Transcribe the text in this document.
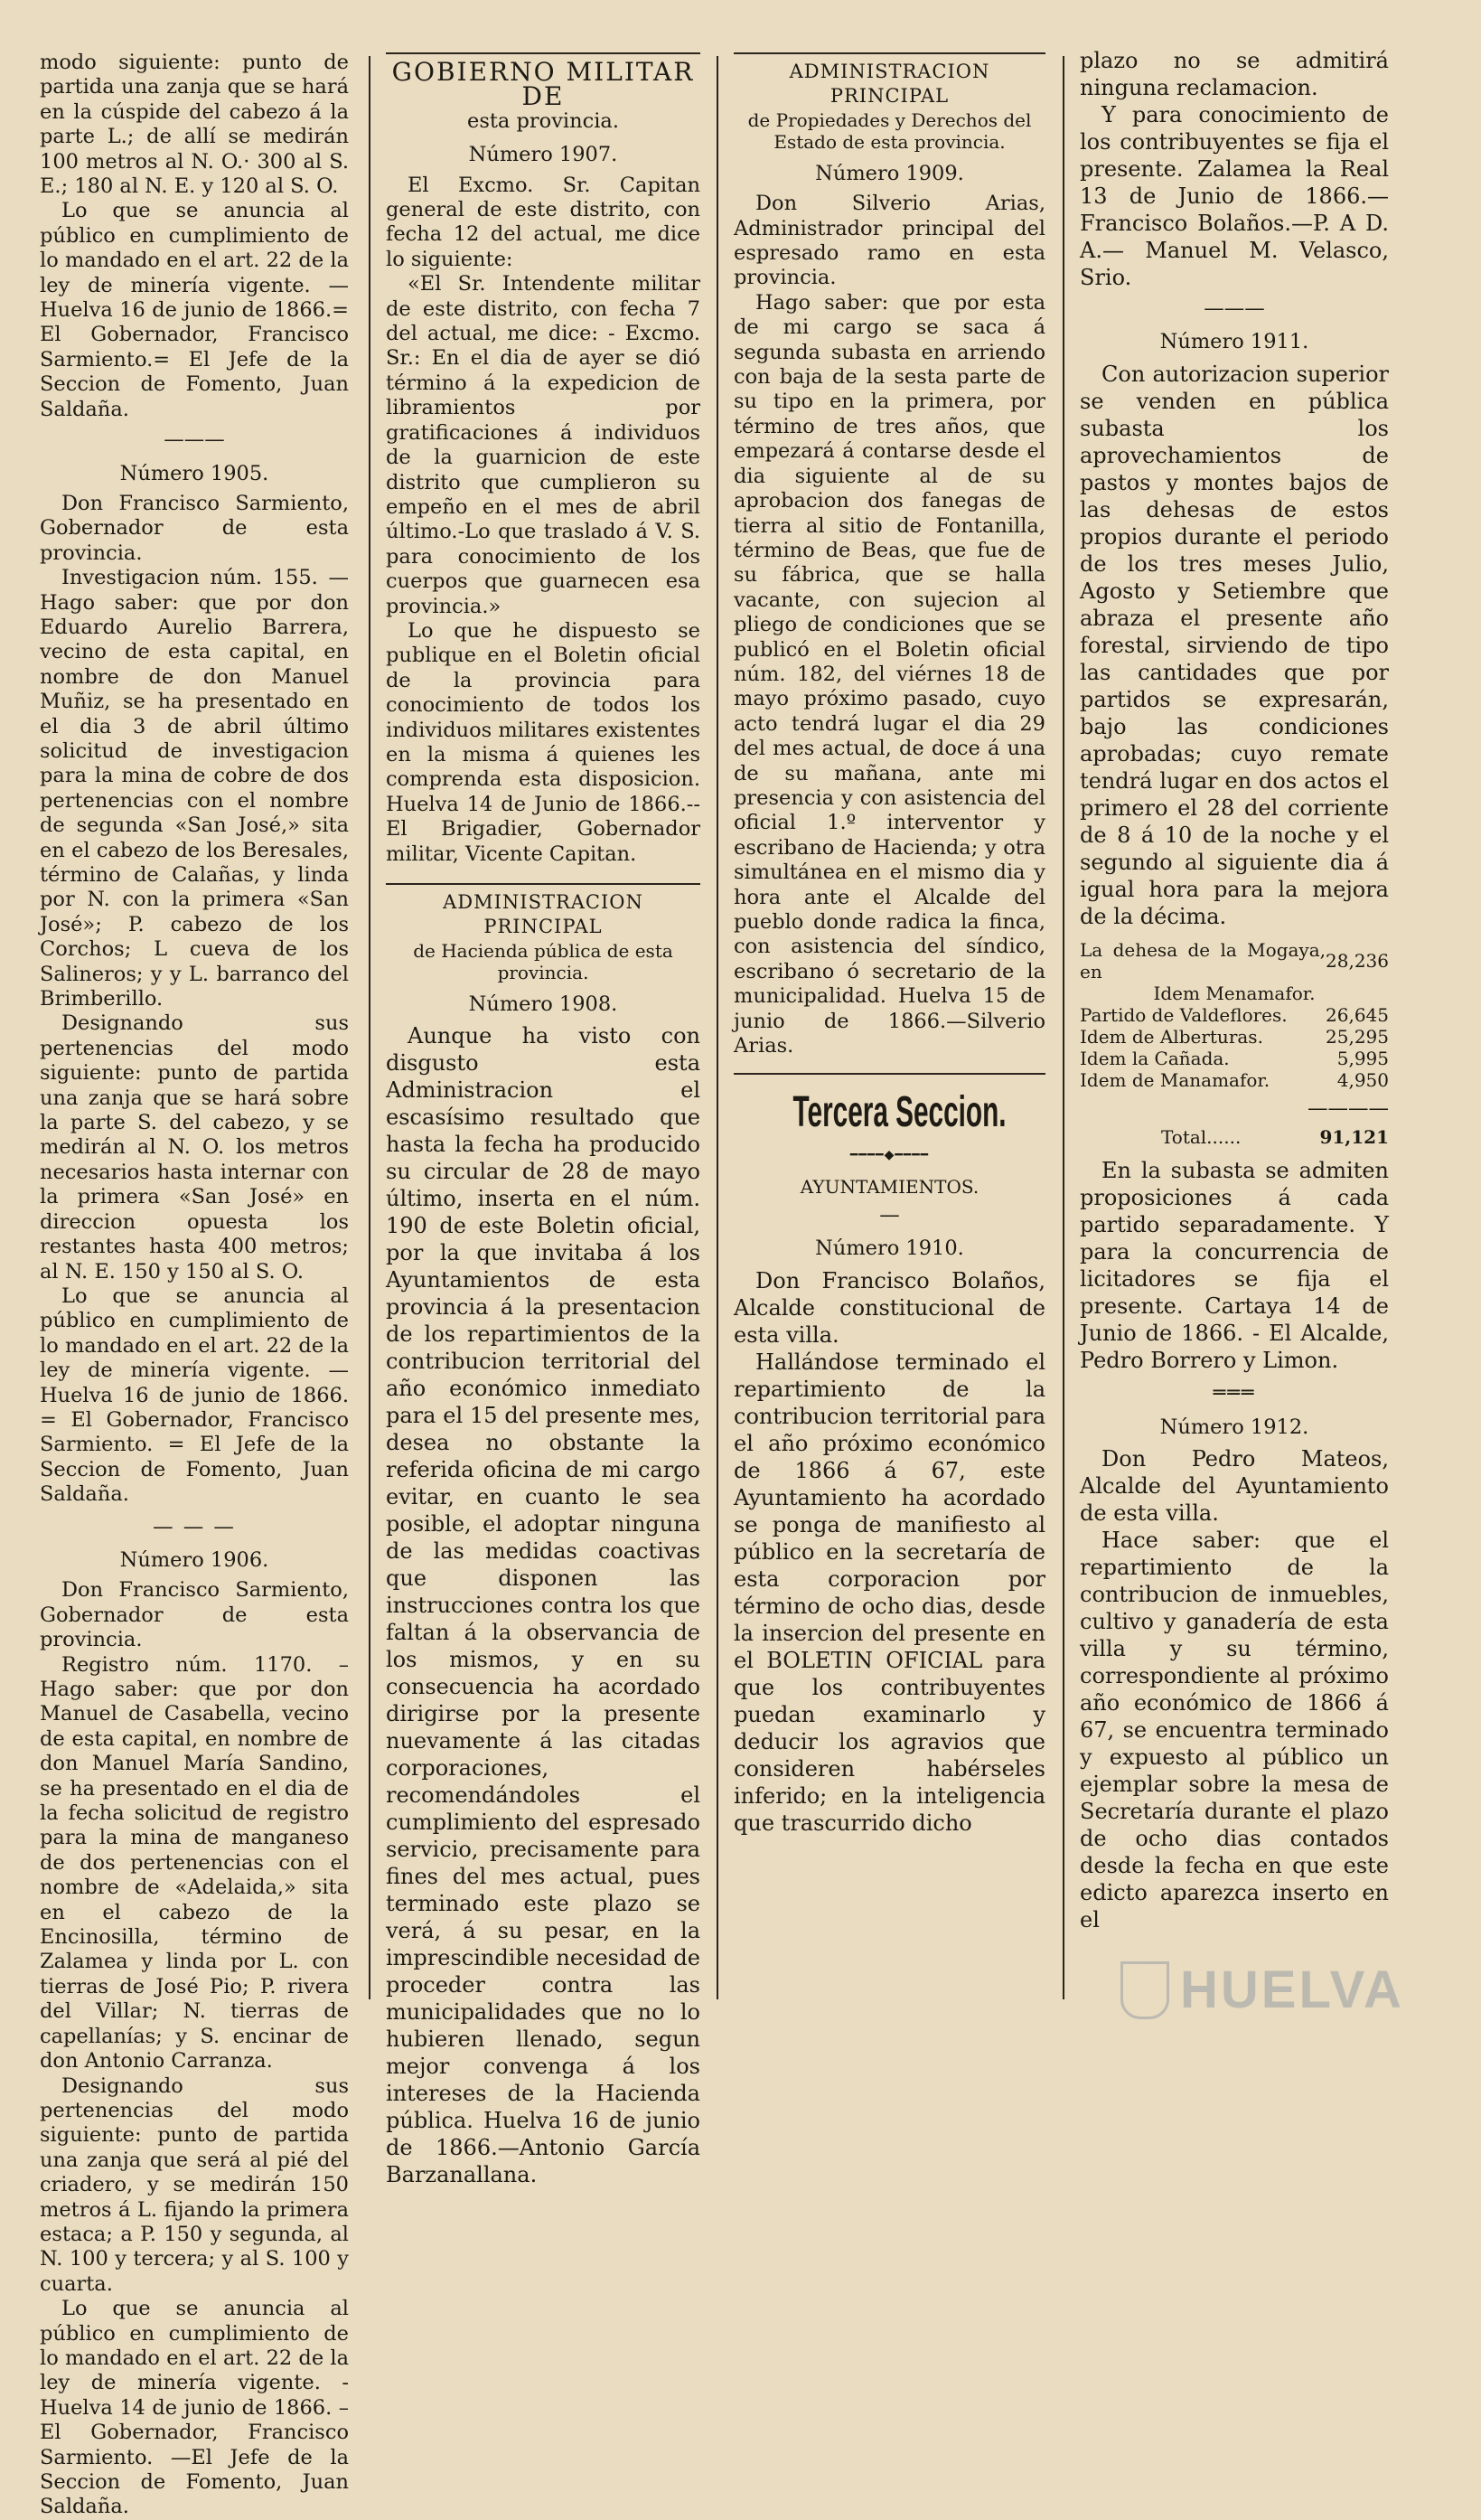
modo siguiente: punto de partida una zanja que se hará en la cúspide del cabezo á la parte L.; de allí se medirán 100 metros al N. O.· 300 al S. E.; 180 al N. E. y 120 al S. O.

Lo que se anuncia al público en cumplimiento de lo mandado en el art. 22 de la ley de minería vigente. —Huelva 16 de junio de 1866.= El Gobernador, Francisco Sarmiento.= El Jefe de la Seccion de Fomento, Juan Saldaña.

———

Número 1905.

Don Francisco Sarmiento, Gobernador de esta provincia.

Investigacion núm. 155. —Hago saber: que por don Eduardo Aurelio Barrera, vecino de esta capital, en nombre de don Manuel Muñiz, se ha presentado en el dia 3 de abril último solicitud de investigacion para la mina de cobre de dos pertenencias con el nombre de segunda «San José,» sita en el cabezo de los Beresales, término de Calañas, y linda por N. con la primera «San José»; P. cabezo de los Corchos; L cueva de los Salineros; y y L. barranco del Brimberillo.

Designando sus pertenencias del modo siguiente: punto de partida una zanja que se hará sobre la parte S. del cabezo, y se medirán al N. O. los metros necesarios hasta internar con la primera «San José» en direccion opuesta los restantes hasta 400 metros; al N. E. 150 y 150 al S. O.

Lo que se anuncia al público en cumplimiento de lo mandado en el art. 22 de la ley de minería vigente. —Huelva 16 de junio de 1866. = El Gobernador, Francisco Sarmiento. = El Jefe de la Seccion de Fomento, Juan Saldaña.

— — —

Número 1906.

Don Francisco Sarmiento, Gobernador de esta provincia.

Registro núm. 1170. – Hago saber: que por don Manuel de Casabella, vecino de esta capital, en nombre de don Manuel María Sandino, se ha presentado en el dia de la fecha solicitud de registro para la mina de manganeso de dos pertenencias con el nombre de «Adelaida,» sita en el cabezo de la Encinosilla, término de Zalamea y linda por L. con tierras de José Pio; P. rivera del Villar; N. tierras de capellanías; y S. encinar de don Antonio Carranza.

Designando sus pertenencias del modo siguiente: punto de partida una zanja que será al pié del criadero, y se medirán 150 metros á L. fijando la primera estaca; a P. 150 y segunda, al N. 100 y tercera; y al S. 100 y cuarta.

Lo que se anuncia al público en cumplimiento de lo mandado en el art. 22 de la ley de minería vigente. -Huelva 14 de junio de 1866. – El Gobernador, Francisco Sarmiento. —El Jefe de la Seccion de Fomento, Juan Saldaña.

GOBIERNO MILITAR DE

esta provincia.

Número 1907.

El Excmo. Sr. Capitan general de este distrito, con fecha 12 del actual, me dice lo siguiente:

«El Sr. Intendente militar de este distrito, con fecha 7 del actual, me dice: - Excmo. Sr.: En el dia de ayer se dió término á la expedicion de libramientos por gratificaciones á individuos de la guarnicion de este distrito que cumplieron su empeño en el mes de abril último.-Lo que traslado á V. S. para conocimiento de los cuerpos que guarnecen esa provincia.»

Lo que he dispuesto se publique en el Boletin oficial de la provincia para conocimiento de todos los individuos militares existentes en la misma á quienes les comprenda esta disposicion. Huelva 14 de Junio de 1866.--El Brigadier, Gobernador militar, Vicente Capitan.

ADMINISTRACION PRINCIPAL

de Hacienda pública de esta provincia.

Número 1908.

Aunque ha visto con disgusto esta Administracion el escasísimo resultado que hasta la fecha ha producido su circular de 28 de mayo último, inserta en el núm. 190 de este Boletin oficial, por la que invitaba á los Ayuntamientos de esta provincia á la presentacion de los repartimientos de la contribucion territorial del año económico inmediato para el 15 del presente mes, desea no obstante la referida oficina de mi cargo evitar, en cuanto le sea posible, el adoptar ninguna de las medidas coactivas que disponen las instrucciones contra los que faltan á la observancia de los mismos, y en su consecuencia ha acordado dirigirse por la presente nuevamente á las citadas corporaciones, recomendándoles el cumplimiento del espresado servicio, precisamente para fines del mes actual, pues terminado este plazo se verá, á su pesar, en la imprescindible necesidad de proceder contra las municipalidades que no lo hubieren llenado, segun mejor convenga á los intereses de la Hacienda pública. Huelva 16 de junio de 1866.—Antonio García Barzanallana.

ADMINISTRACION PRINCIPAL

de Propiedades y Derechos del Estado de esta provincia.

Número 1909.

Don Silverio Arias, Administrador principal del espresado ramo en esta provincia.

Hago saber: que por esta de mi cargo se saca á segunda subasta en arriendo con baja de la sesta parte de su tipo en la primera, por término de tres años, que empezará á contarse desde el dia siguiente al de su aprobacion dos fanegas de tierra al sitio de Fontanilla, término de Beas, que fue de su fábrica, que se halla vacante, con sujecion al pliego de condiciones que se publicó en el Boletin oficial núm. 182, del viérnes 18 de mayo próximo pasado, cuyo acto tendrá lugar el dia 29 del mes actual, de doce á una de su mañana, ante mi presencia y con asistencia del oficial 1.º interventor y escribano de Hacienda; y otra simultánea en el mismo dia y hora ante el Alcalde del pueblo donde radica la finca, con asistencia del síndico, escribano ó secretario de la municipalidad. Huelva 15 de junio de 1866.—Silverio Arias.

Tercera Seccion.

━━━━◆━━━━

AYUNTAMIENTOS.

—

Número 1910.

Don Francisco Bolaños, Alcalde constitucional de esta villa.

Hallándose terminado el repartimiento de la contribucion territorial para el año próximo económico de 1866 á 67, este Ayuntamiento ha acordado se ponga de manifiesto al público en la secretaría de esta corporacion por término de ocho dias, desde la insercion del presente en el BOLETIN OFICIAL para que los contribuyentes puedan examinarlo y deducir los agravios que consideren habérseles inferido; en la inteligencia que trascurrido dicho

plazo no se admitirá ninguna reclamacion.

Y para conocimiento de los contribuyentes se fija el presente. Zalamea la Real 13 de Junio de 1866.—Francisco Bolaños.—P. A D. A.— Manuel M. Velasco, Srio.

———

Número 1911.

Con autorizacion superior se venden en pública subasta los aprovechamientos de pastos y montes bajos de las dehesas de estos propios durante el periodo de los tres meses Julio, Agosto y Setiembre que abraza el presente año forestal, sirviendo de tipo las cantidades que por partidos se expresarán, bajo las condiciones aprobadas; cuyo remate tendrá lugar en dos actos el primero el 28 del corriente de 8 á 10 de la noche y el segundo al siguiente dia á igual hora para la mejora de la décima.

La dehesa de la Mogaya, en	28,236

Idem Menamafor.

Partido de Valdeflores.	26,645
Idem de Alberturas.	25,295
Idem la Cañada.	5,995
Idem de Manamafor.	4,950
————
Total......	91,121

En la subasta se admiten proposiciones á cada partido separadamente. Y para la concurrencia de licitadores se fija el presente. Cartaya 14 de Junio de 1866. - El Alcalde, Pedro Borrero y Limon.

═══

Número 1912.

Don Pedro Mateos, Alcalde del Ayuntamiento de esta villa.

Hace saber: que el repartimiento de la contribucion de inmuebles, cultivo y ganadería de esta villa y su término, correspondiente al próximo año económico de 1866 á 67, se encuentra terminado y expuesto al público un ejemplar sobre la mesa de Secretaría durante el plazo de ocho dias contados desde la fecha en que este edicto aparezca inserto en el

HUELVA
